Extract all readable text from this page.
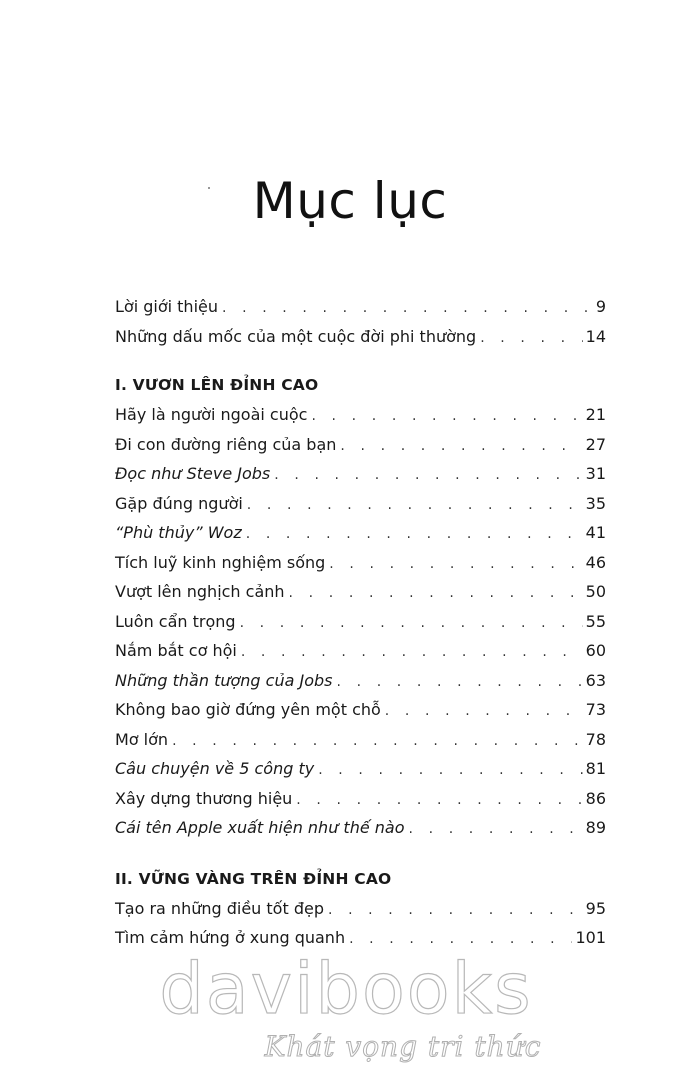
Mục lục
Lời giới thiệu . . .	9
Những dấu mốc của một cuộc đời phi thường . . .	14
I. VƯƠN LÊN ĐỈNH CAO
Hãy là người ngoài cuộc . . .	21
Đi con đường riêng của bạn . . .	27
Đọc như Steve Jobs . . .	31
Gặp đúng người . . .	35
“Phù thủy” Woz . . .	41
Tích luỹ kinh nghiệm sống . . .	46
Vượt lên nghịch cảnh . . .	50
Luôn cẩn trọng . . .	55
Nắm bắt cơ hội . . .	60
Những thần tượng của Jobs . . .	63
Không bao giờ đứng yên một chỗ . . .	73
Mơ lớn . . .	78
Câu chuyện về 5 công ty . . .	81
Xây dựng thương hiệu . . .	86
Cái tên Apple xuất hiện như thế nào . . .	89
II. VỮNG VÀNG TRÊN ĐỈNH CAO
Tạo ra những điều tốt đẹp . . .	95
Tìm cảm hứng ở xung quanh . . .	101
davibooks
Khát vọng tri thức
